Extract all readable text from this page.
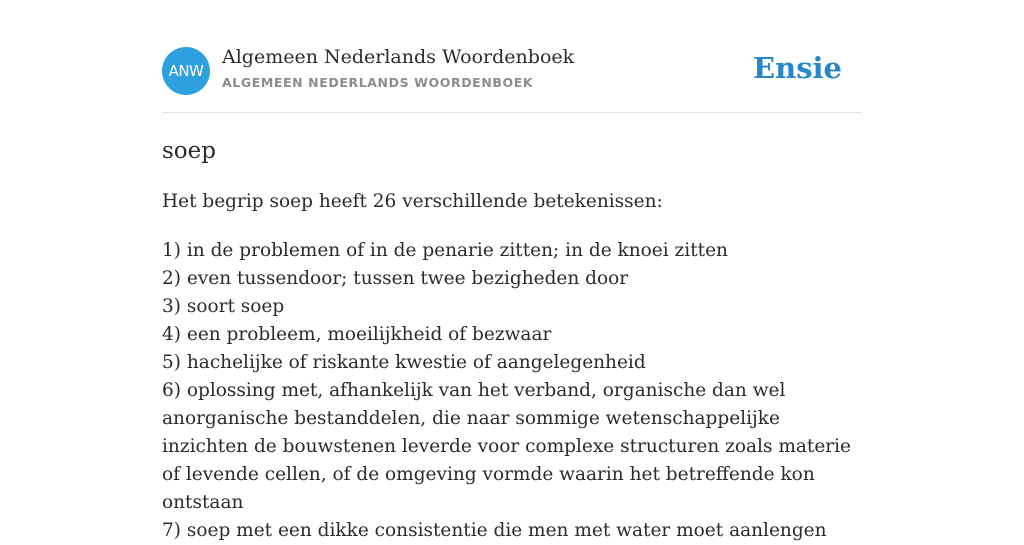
ANW
Algemeen Nederlands Woordenboek
ALGEMEEN NEDERLANDS WOORDENBOEK	Ensie
soep
Het begrip soep heeft 26 verschillende betekenissen:
1) in de problemen of in de penarie zitten; in de knoei zitten
2) even tussendoor; tussen twee bezigheden door
3) soort soep
4) een probleem, moeilijkheid of bezwaar
5) hachelijke of riskante kwestie of aangelegenheid
6) oplossing met, afhankelijk van het verband, organische dan wel anorganische bestanddelen, die naar sommige wetenschappelijke inzichten de bouwstenen leverde voor complexe structuren zoals materie of levende cellen, of de omgeving vormde waarin het betreffende kon ontstaan
7) soep met een dikke consistentie die men met water moet aanlengen
